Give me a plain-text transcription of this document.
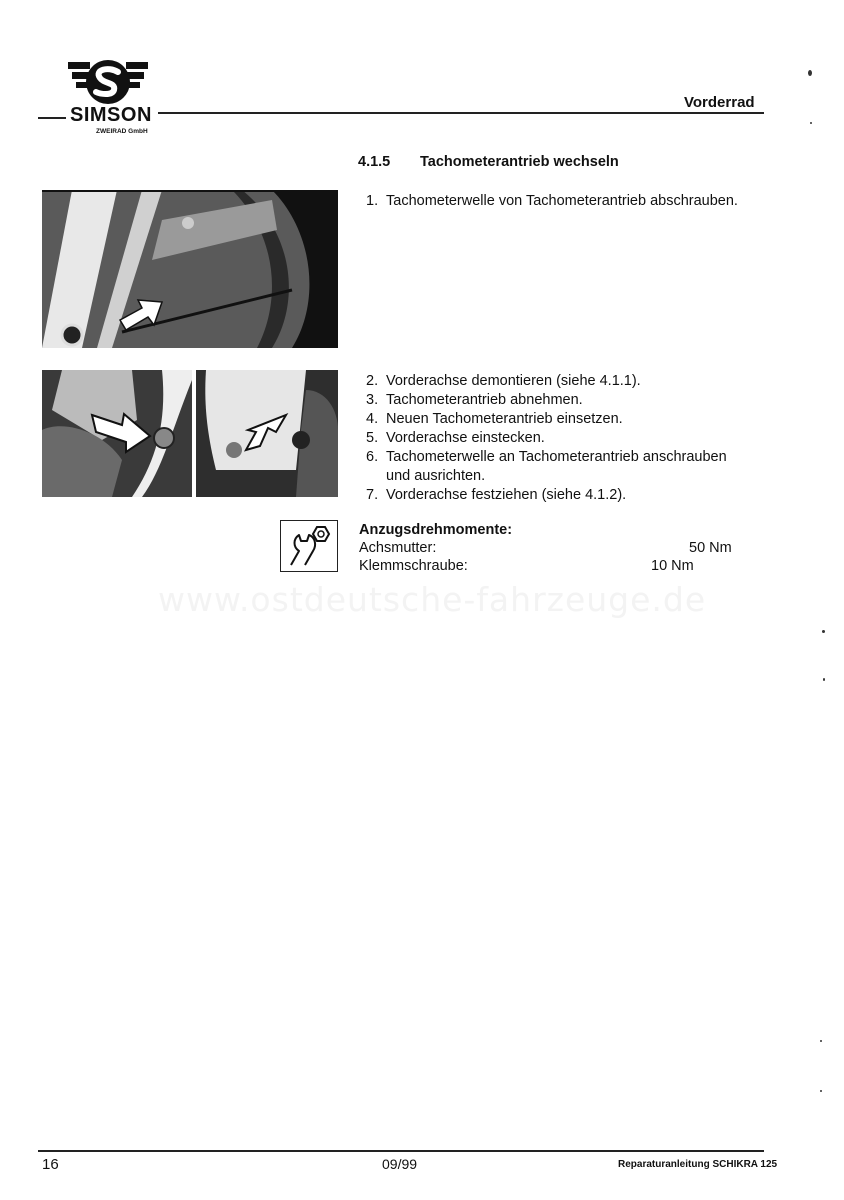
SIMSON
ZWEIRAD GmbH
Vorderrad
4.1.5 Tachometerantrieb wechseln
1. Tachometerwelle von Tachometerantrieb abschrauben.
2. Vorderachse demontieren (siehe 4.1.1).
3. Tachometerantrieb abnehmen.
4. Neuen Tachometerantrieb einsetzen.
5. Vorderachse einstecken.
6. Tachometerwelle an Tachometerantrieb anschrauben
und ausrichten.
7. Vorderachse festziehen (siehe 4.1.2).
Anzugsdrehmomente:
Achsmutter:	50 Nm
Klemmschraube:	10 Nm
www.ostdeutsche-fahrzeuge.de
16	09/99	Reparaturanleitung SCHIKRA 125
